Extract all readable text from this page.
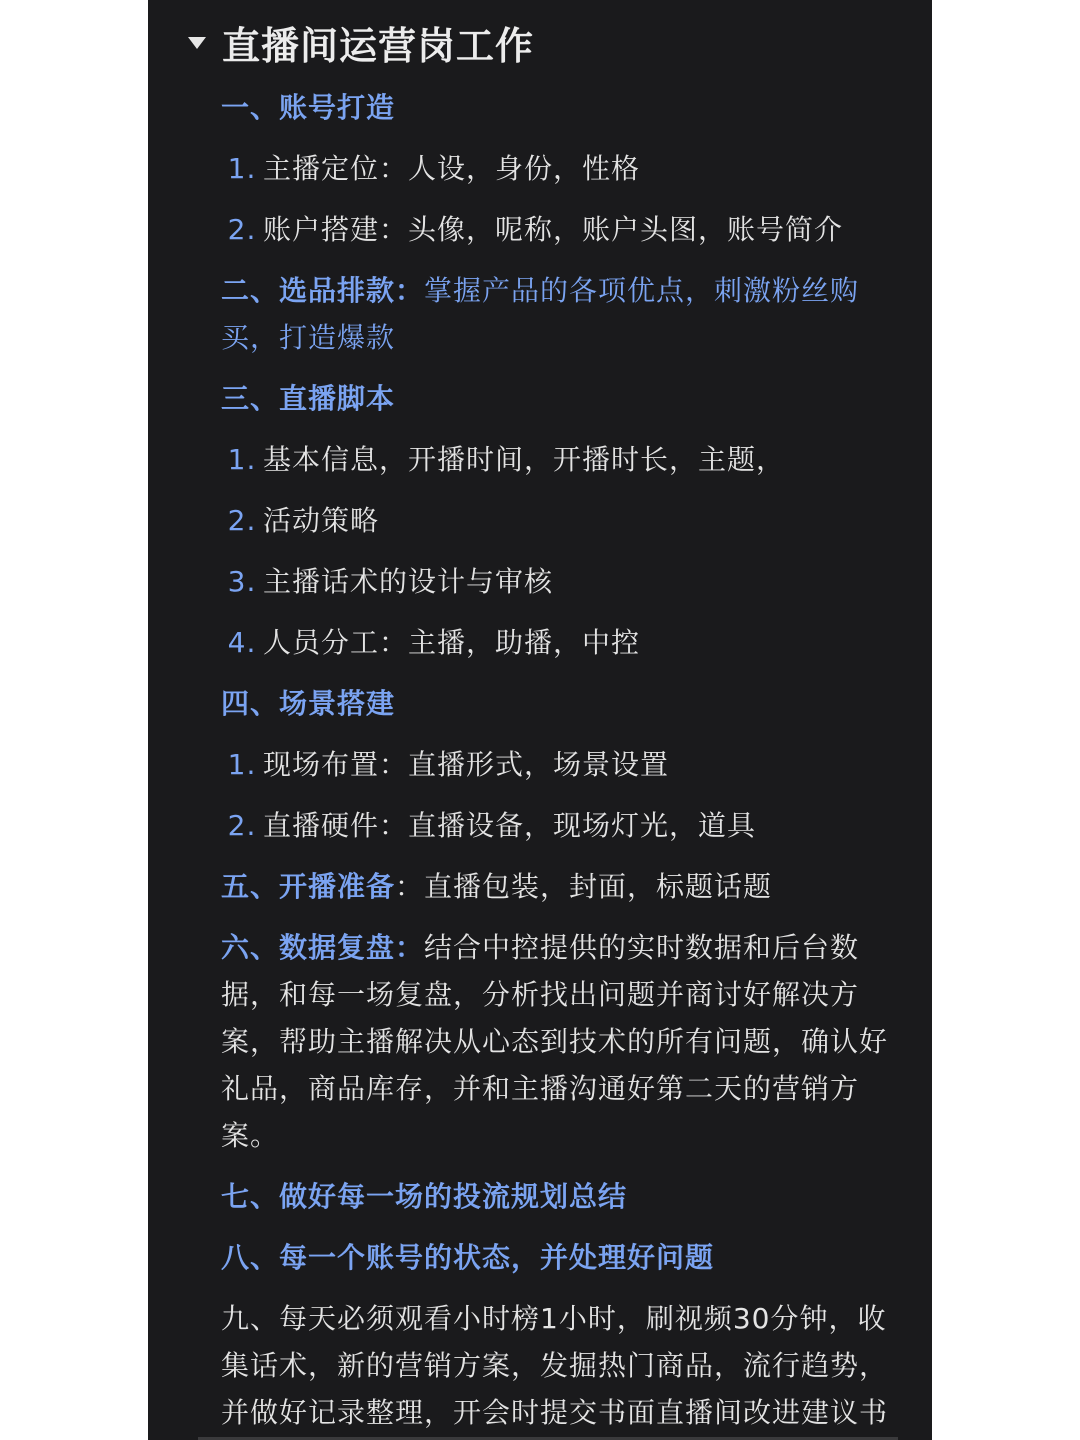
直播间运营岗工作
一、账号打造
1. 主播定位：人设，身份，性格
2. 账户搭建：头像，呢称，账户头图，账号简介
二、选品排款：掌握产品的各项优点，刺激粉丝购
买，打造爆款
三、直播脚本
1. 基本信息，开播时间，开播时长，主题，
2. 活动策略
3. 主播话术的设计与审核
4. 人员分工：主播，助播，中控
四、场景搭建
1. 现场布置：直播形式，场景设置
2. 直播硬件：直播设备，现场灯光，道具
五、开播准备：直播包装，封面，标题话题
六、数据复盘：结合中控提供的实时数据和后台数
据，和每一场复盘，分析找出问题并商讨好解决方
案，帮助主播解决从心态到技术的所有问题，确认好
礼品，商品库存，并和主播沟通好第二天的营销方
案。
七、做好每一场的投流规划总结
八、每一个账号的状态，并处理好问题
九、每天必须观看小时榜1小时，刷视频30分钟，收
集话术，新的营销方案，发掘热门商品，流行趋势，
并做好记录整理，开会时提交书面直播间改进建议书
